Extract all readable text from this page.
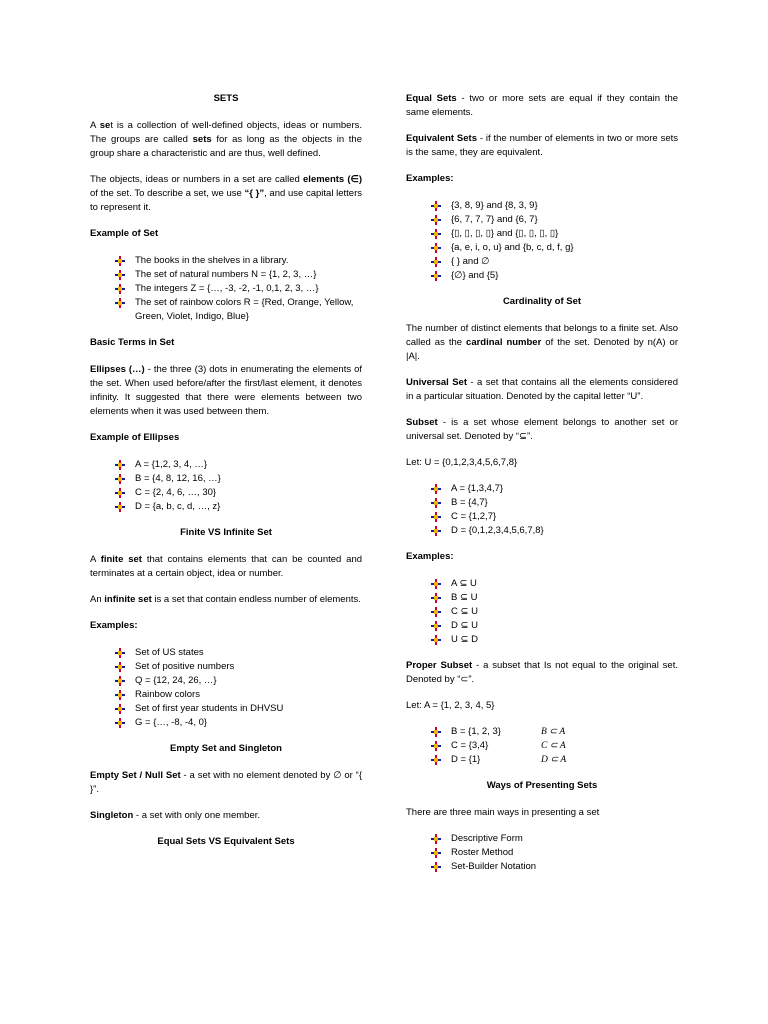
SETS

A set is a collection of well-defined objects, ideas or numbers. The groups are called sets for as long as the objects in the group share a characteristic and are thus, well defined.

The objects, ideas or numbers in a set are called elements (∈) of the set. To describe a set, we use “{ }”, and use capital letters to represent it.

Example of Set
The books in the shelves in a library.
The set of natural numbers N = {1, 2, 3, …}
The integers Z = {…, -3, -2, -1, 0,1, 2, 3, …}
The set of rainbow colors R = {Red, Orange, Yellow, Green, Violet, Indigo, Blue}
Basic Terms in Set

Ellipses (…) - the three (3) dots in enumerating the elements of the set. When used before/after the first/last element, it denotes infinity. It suggested that there were elements between two elements when it was used between them.

Example of Ellipses
A = {1,2, 3, 4, …}
B = {4, 8, 12, 16, …}
C = {2, 4, 6, …, 30}
D = {a, b, c, d, …, z}
Finite VS Infinite Set

A finite set that contains elements that can be counted and terminates at a certain object, idea or number.

An infinite set is a set that contain endless number of elements.

Examples:
Set of US states
Set of positive numbers
Q = {12, 24, 26, …}
Rainbow colors
Set of first year students in DHVSU
G = {…, -8, -4, 0}
Empty Set and Singleton

Empty Set / Null Set - a set with no element denoted by ∅ or “{ }”.

Singleton - a set with only one member.

Equal Sets VS Equivalent Sets

Equal Sets - two or more sets are equal if they contain the same elements.

Equivalent Sets - if the number of elements in two or more sets is the same, they are equivalent.

Examples:
{3, 8, 9} and {8, 3, 9}
{6, 7, 7, 7} and {6, 7}
{▯, ▯, ▯, ▯} and {▯, ▯, ▯, ▯}
{a, e, i, o, u} and {b, c, d, f, g}
{ } and ∅
{∅} and {5}
Cardinality of Set

The number of distinct elements that belongs to a finite set. Also called as the cardinal number of the set. Denoted by n(A) or |A|.

Universal Set - a set that contains all the elements considered in a particular situation. Denoted by the capital letter “U”.

Subset - is a set whose element belongs to another set or universal set. Denoted by “⊆”.

Let: U = {0,1,2,3,4,5,6,7,8}

A = {1,3,4,7}
B = {4,7}
C = {1,2,7}
D = {0,1,2,3,4,5,6,7,8}
Examples:
A ⊆ U
B ⊆ U
C ⊆ U
D ⊆ U
U ⊆ D

Proper Subset - a subset that Is not equal to the original set. Denoted by “⊂”.

Let: A = {1, 2, 3, 4, 5}

B = {1, 2, 3}	B ⊂ A
C = {3,4}	C ⊂ A
D = {1}	D ⊂ A
Ways of Presenting Sets

There are three main ways in presenting a set

Descriptive Form
Roster Method
Set-Builder Notation
